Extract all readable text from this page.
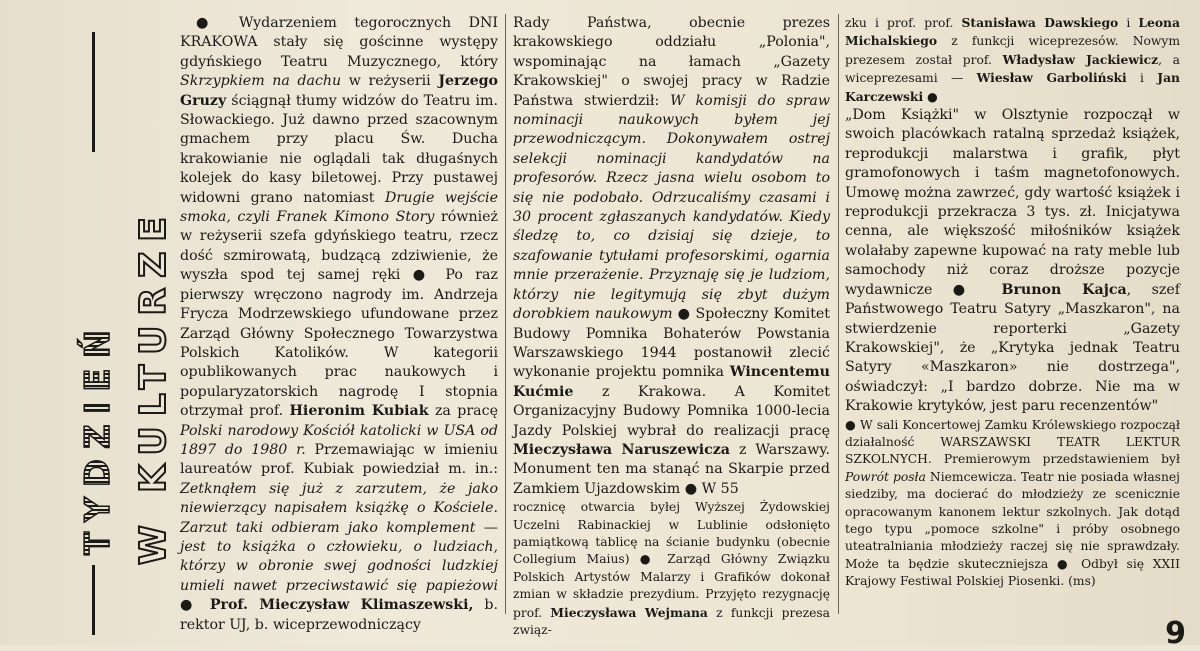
TYDZIEŃ W KULTURZE

● Wydarzeniem tegorocznych DNI KRAKOWA stały się gościnne występy gdyńskiego Teatru Muzycznego, który Skrzypkiem na dachu w reżyserii Jerzego Gruzy ściągnął tłumy widzów do Teatru im. Słowackiego. Już dawno przed szacownym gmachem przy placu Św. Ducha krakowianie nie oglądali tak długaśnych kolejek do kasy biletowej. Przy pustawej widowni grano natomiast Drugie wejście smoka, czyli Franek Kimono Story również w reżyserii szefa gdyńskiego teatru, rzecz dość szmirowatą, budzącą zdziwienie, że wyszła spod tej samej ręki ● Po raz pierwszy wręczono nagrody im. Andrzeja Frycza Modrzewskiego ufundowane przez Zarząd Główny Społecznego Towarzystwa Polskich Katolików. W kategorii opublikowanych prac naukowych i popularyzatorskich nagrodę I stopnia otrzymał prof. Hieronim Kubiak za pracę Polski narodowy Kościół katolicki w USA od 1897 do 1980 r. Przemawiając w imieniu laureatów prof. Kubiak powiedział m. in.: Zetknąłem się już z zarzutem, że jako niewierzący napisałem książkę o Kościele. Zarzut taki odbieram jako komplement — jest to książka o człowieku, o ludziach, którzy w obronie swej godności ludzkiej umieli nawet przeciwstawić się papieżowi ● Prof. Mieczysław Klimaszewski, b. rektor UJ, b. wiceprzewodniczący

Rady Państwa, obecnie prezes krakowskiego oddziału „Polonia", wspominając na łamach „Gazety Krakowskiej" o swojej pracy w Radzie Państwa stwierdził: W komisji do spraw nominacji naukowych byłem jej przewodniczącym. Dokonywałem ostrej selekcji nominacji kandydatów na profesorów. Rzecz jasna wielu osobom to się nie podobało. Odrzucaliśmy czasami i 30 procent zgłaszanych kandydatów. Kiedy śledzę to, co dzisiaj się dzieje, to szafowanie tytułami profesorskimi, ogarnia mnie przerażenie. Przyznaję się je ludziom, którzy nie legitymują się zbyt dużym dorobkiem naukowym ● Społeczny Komitet Budowy Pomnika Bohaterów Powstania Warszawskiego 1944 postanowił zlecić wykonanie projektu pomnika Wincentemu Kućmie z Krakowa. A Komitet Organizacyjny Budowy Pomnika 1000-lecia Jazdy Polskiej wybrał do realizacji pracę Mieczysława Naruszewicza z Warszawy. Monument ten ma stanąć na Skarpie przed Zamkiem Ujazdowskim ● W 55

rocznicę otwarcia byłej Wyższej Żydowskiej Uczelni Rabinackiej w Lublinie odsłonięto pamiątkową tablicę na ścianie budynku (obecnie Collegium Maius) ● Zarząd Główny Związku Polskich Artystów Malarzy i Grafików dokonał zmian w składzie prezydium. Przyjęto rezygnację prof. Mieczysława Wejmana z funkcji prezesa związ-

zku i prof. prof. Stanisława Dawskiego i Leona Michalskiego z funkcji wiceprezesów. Nowym prezesem został prof. Władysław Jackiewicz, a wiceprezesami — Wiesław Garboliński i Jan Karczewski ●

„Dom Książki" w Olsztynie rozpoczął w swoich placówkach ratalną sprzedaż książek, reprodukcji malarstwa i grafik, płyt gramofonowych i taśm magnetofonowych. Umowę można zawrzeć, gdy wartość książek i reprodukcji przekracza 3 tys. zł. Inicjatywa cenna, ale większość miłośników książek wolałaby zapewne kupować na raty meble lub samochody niż coraz droższe pozycje wydawnicze ● Brunon Kajca, szef Państwowego Teatru Satyry „Maszkaron", na stwierdzenie reporterki „Gazety Krakowskiej", że „Krytyka jednak Teatru Satyry «Maszkaron» nie dostrzega", oświadczył: „I bardzo dobrze. Nie ma w Krakowie krytyków, jest paru recenzentów"

● W sali Koncertowej Zamku Królewskiego rozpoczął działalność WARSZAWSKI TEATR LEKTUR SZKOLNYCH. Premierowym przedstawieniem był Powrót posła Niemcewicza. Teatr nie posiada własnej siedziby, ma docierać do młodzieży ze scenicznie opracowanym kanonem lektur szkolnych. Jak dotąd tego typu „pomoce szkolne" i próby osobnego uteatralniania młodzieży raczej się nie sprawdzały. Może ta będzie skuteczniejsza ● Odbył się XXII Krajowy Festiwal Polskiej Piosenki. (ms)

9
